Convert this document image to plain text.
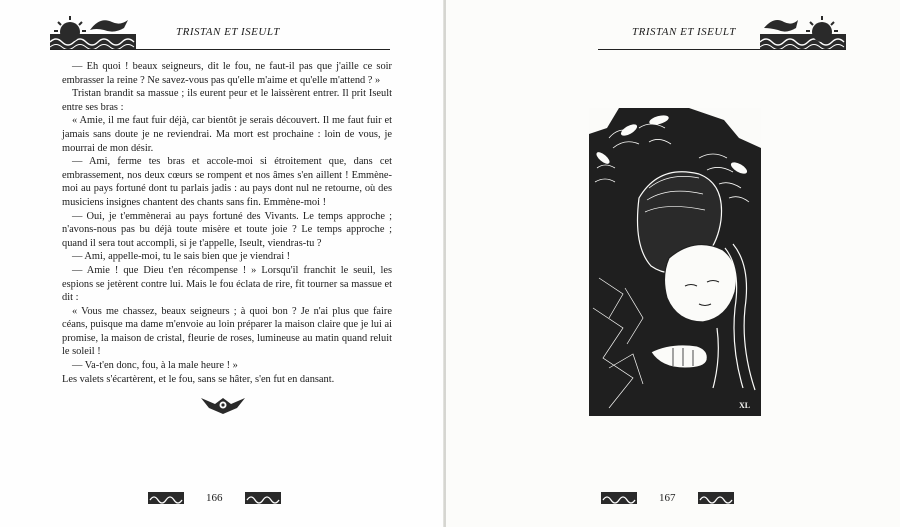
TRISTAN ET ISEULT

— Eh quoi ! beaux seigneurs, dit le fou, ne faut-il pas que j'aille ce soir embrasser la reine ? Ne savez-vous pas qu'elle m'aime et qu'elle m'attend ? »

Tristan brandit sa massue ; ils eurent peur et le laissèrent entrer. Il prit Iseult entre ses bras :

« Amie, il me faut fuir déjà, car bientôt je serais découvert. Il me faut fuir et jamais sans doute je ne reviendrai. Ma mort est prochaine : loin de vous, je mourrai de mon désir.

— Ami, ferme tes bras et accole-moi si étroitement que, dans cet embrassement, nos deux cœurs se rompent et nos âmes s'en aillent ! Emmène-moi au pays fortuné dont tu parlais jadis : au pays dont nul ne retourne, où des musiciens insignes chantent des chants sans fin. Emmène-moi !

— Oui, je t'emmènerai au pays fortuné des Vivants. Le temps approche ; n'avons-nous pas bu déjà toute misère et toute joie ? Le temps approche ; quand il sera tout accompli, si je t'appelle, Iseult, viendras-tu ?

— Ami, appelle-moi, tu le sais bien que je viendrai !

— Amie ! que Dieu t'en récompense ! » Lorsqu'il franchit le seuil, les espions se jetèrent contre lui. Mais le fou éclata de rire, fit tourner sa massue et dit :

« Vous me chassez, beaux seigneurs ; à quoi bon ? Je n'ai plus que faire céans, puisque ma dame m'envoie au loin préparer la maison claire que je lui ai promise, la maison de cristal, fleurie de roses, lumineuse au matin quand reluit le soleil !

— Va-t'en donc, fou, à la male heure ! »

Les valets s'écartèrent, et le fou, sans se hâter, s'en fut en dansant.

166
TRISTAN ET ISEULT
XL
167
